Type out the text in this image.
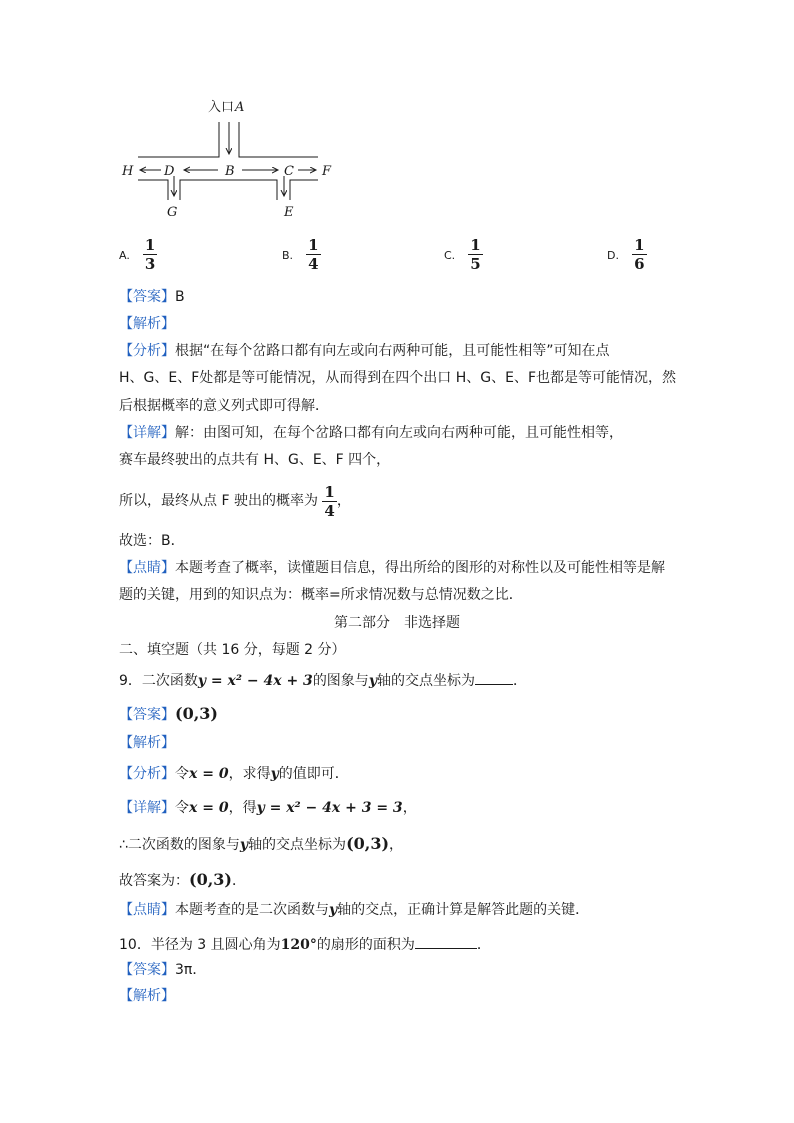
入口 A
H D	B	C F
G	E
A. $\frac{1}{3}$	B. $\frac{1}{4}$	C. $\frac{1}{5}$	D. $\frac{1}{6}$
【答案】B
【解析】
【分析】根据“在每个岔路口都有向左或向右两种可能，且可能性相等”可知在点
H、G、E、F处都是等可能情况，从而得到在四个出口 H、G、E、F也都是等可能情况，然
后根据概率的意义列式即可得解．
【详解】解：由图可知，在每个岔路口都有向左或向右两种可能，且可能性相等，
赛车最终驶出的点共有 H、G、E、F 四个，
所以，最终从点 F 驶出的概率为 $\frac{1}{4}$ ，
故选：B．
【点睛】本题考查了概率，读懂题目信息，得出所给的图形的对称性以及可能性相等是解
题的关键，用到的知识点为：概率=所求情况数与总情况数之比．
第二部分　非选择题
二、填空题（共 16 分，每题 2 分）
9．二次函数y = x² − 4x + 3的图象与y轴的交点坐标为	．
【答案】(0,3)
【解析】
【分析】令x = 0，求得y的值即可．
【详解】令x = 0，得y = x² − 4x + 3 = 3，
∴二次函数的图象与y轴的交点坐标为(0,3)，
故答案为：(0,3)．
【点睛】本题考查的是二次函数与y轴的交点，正确计算是解答此题的关键．
10．半径为 3 且圆心角为120°的扇形的面积为	．
【答案】3π．
【解析】
